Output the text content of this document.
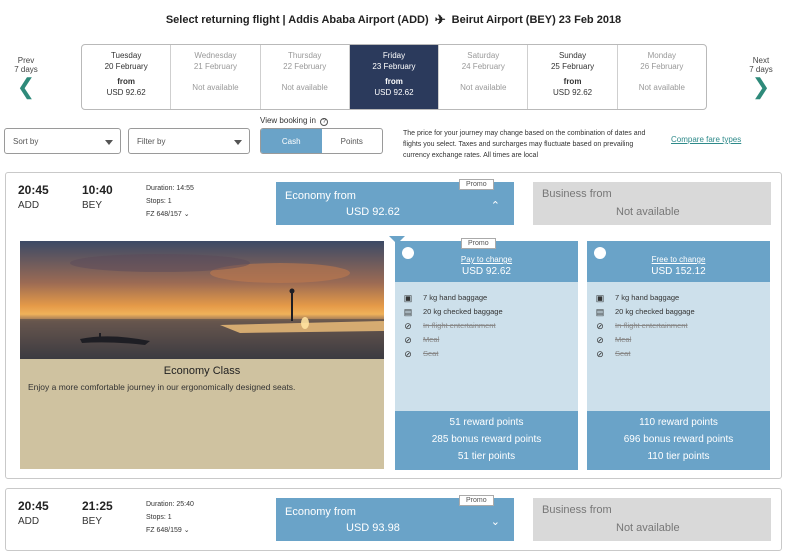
Select returning flight | Addis Ababa Airport (ADD) ✈ Beirut Airport (BEY) 23 Feb 2018
Prev
7 days
❮
Next
7 days
❯
Tuesday
20 February
from
USD 92.62
Wednesday
21 February
Not available
Thursday
22 February
Not available
Friday
23 February
from
USD 92.62
Saturday
24 February
Not available
Sunday
25 February
from
USD 92.62
Monday
26 February
Not available
Sort by	Filter by
View booking in ?
Cash	Points
The price for your journey may change based on the combination of dates and flights you select. Taxes and surcharges may fluctuate based on prevailing currency exchange rates. All times are local
Compare fare types
20:45
ADD
10:40
BEY
Duration: 14:55
Stops: 1
FZ 648/157 ⌄
Promo
Economy from
USD 92.62	⌃
Business from
Not available
Economy Class
Enjoy a more comfortable journey in our ergonomically designed seats.
Promo
Pay to change
USD 92.62
▣	7 kg hand baggage
▤	20 kg checked baggage
⊘	In-flight entertainment
⊘	Meal
⊘	Seat
51 reward points
285 bonus reward points
51 tier points
Free to change
USD 152.12
▣	7 kg hand baggage
▤	20 kg checked baggage
⊘	In-flight entertainment
⊘	Meal
⊘	Seat
110 reward points
696 bonus reward points
110 tier points
20:45
ADD
21:25
BEY
Duration: 25:40
Stops: 1
FZ 648/159 ⌄
Promo
Economy from
USD 93.98	⌄
Business from
Not available
